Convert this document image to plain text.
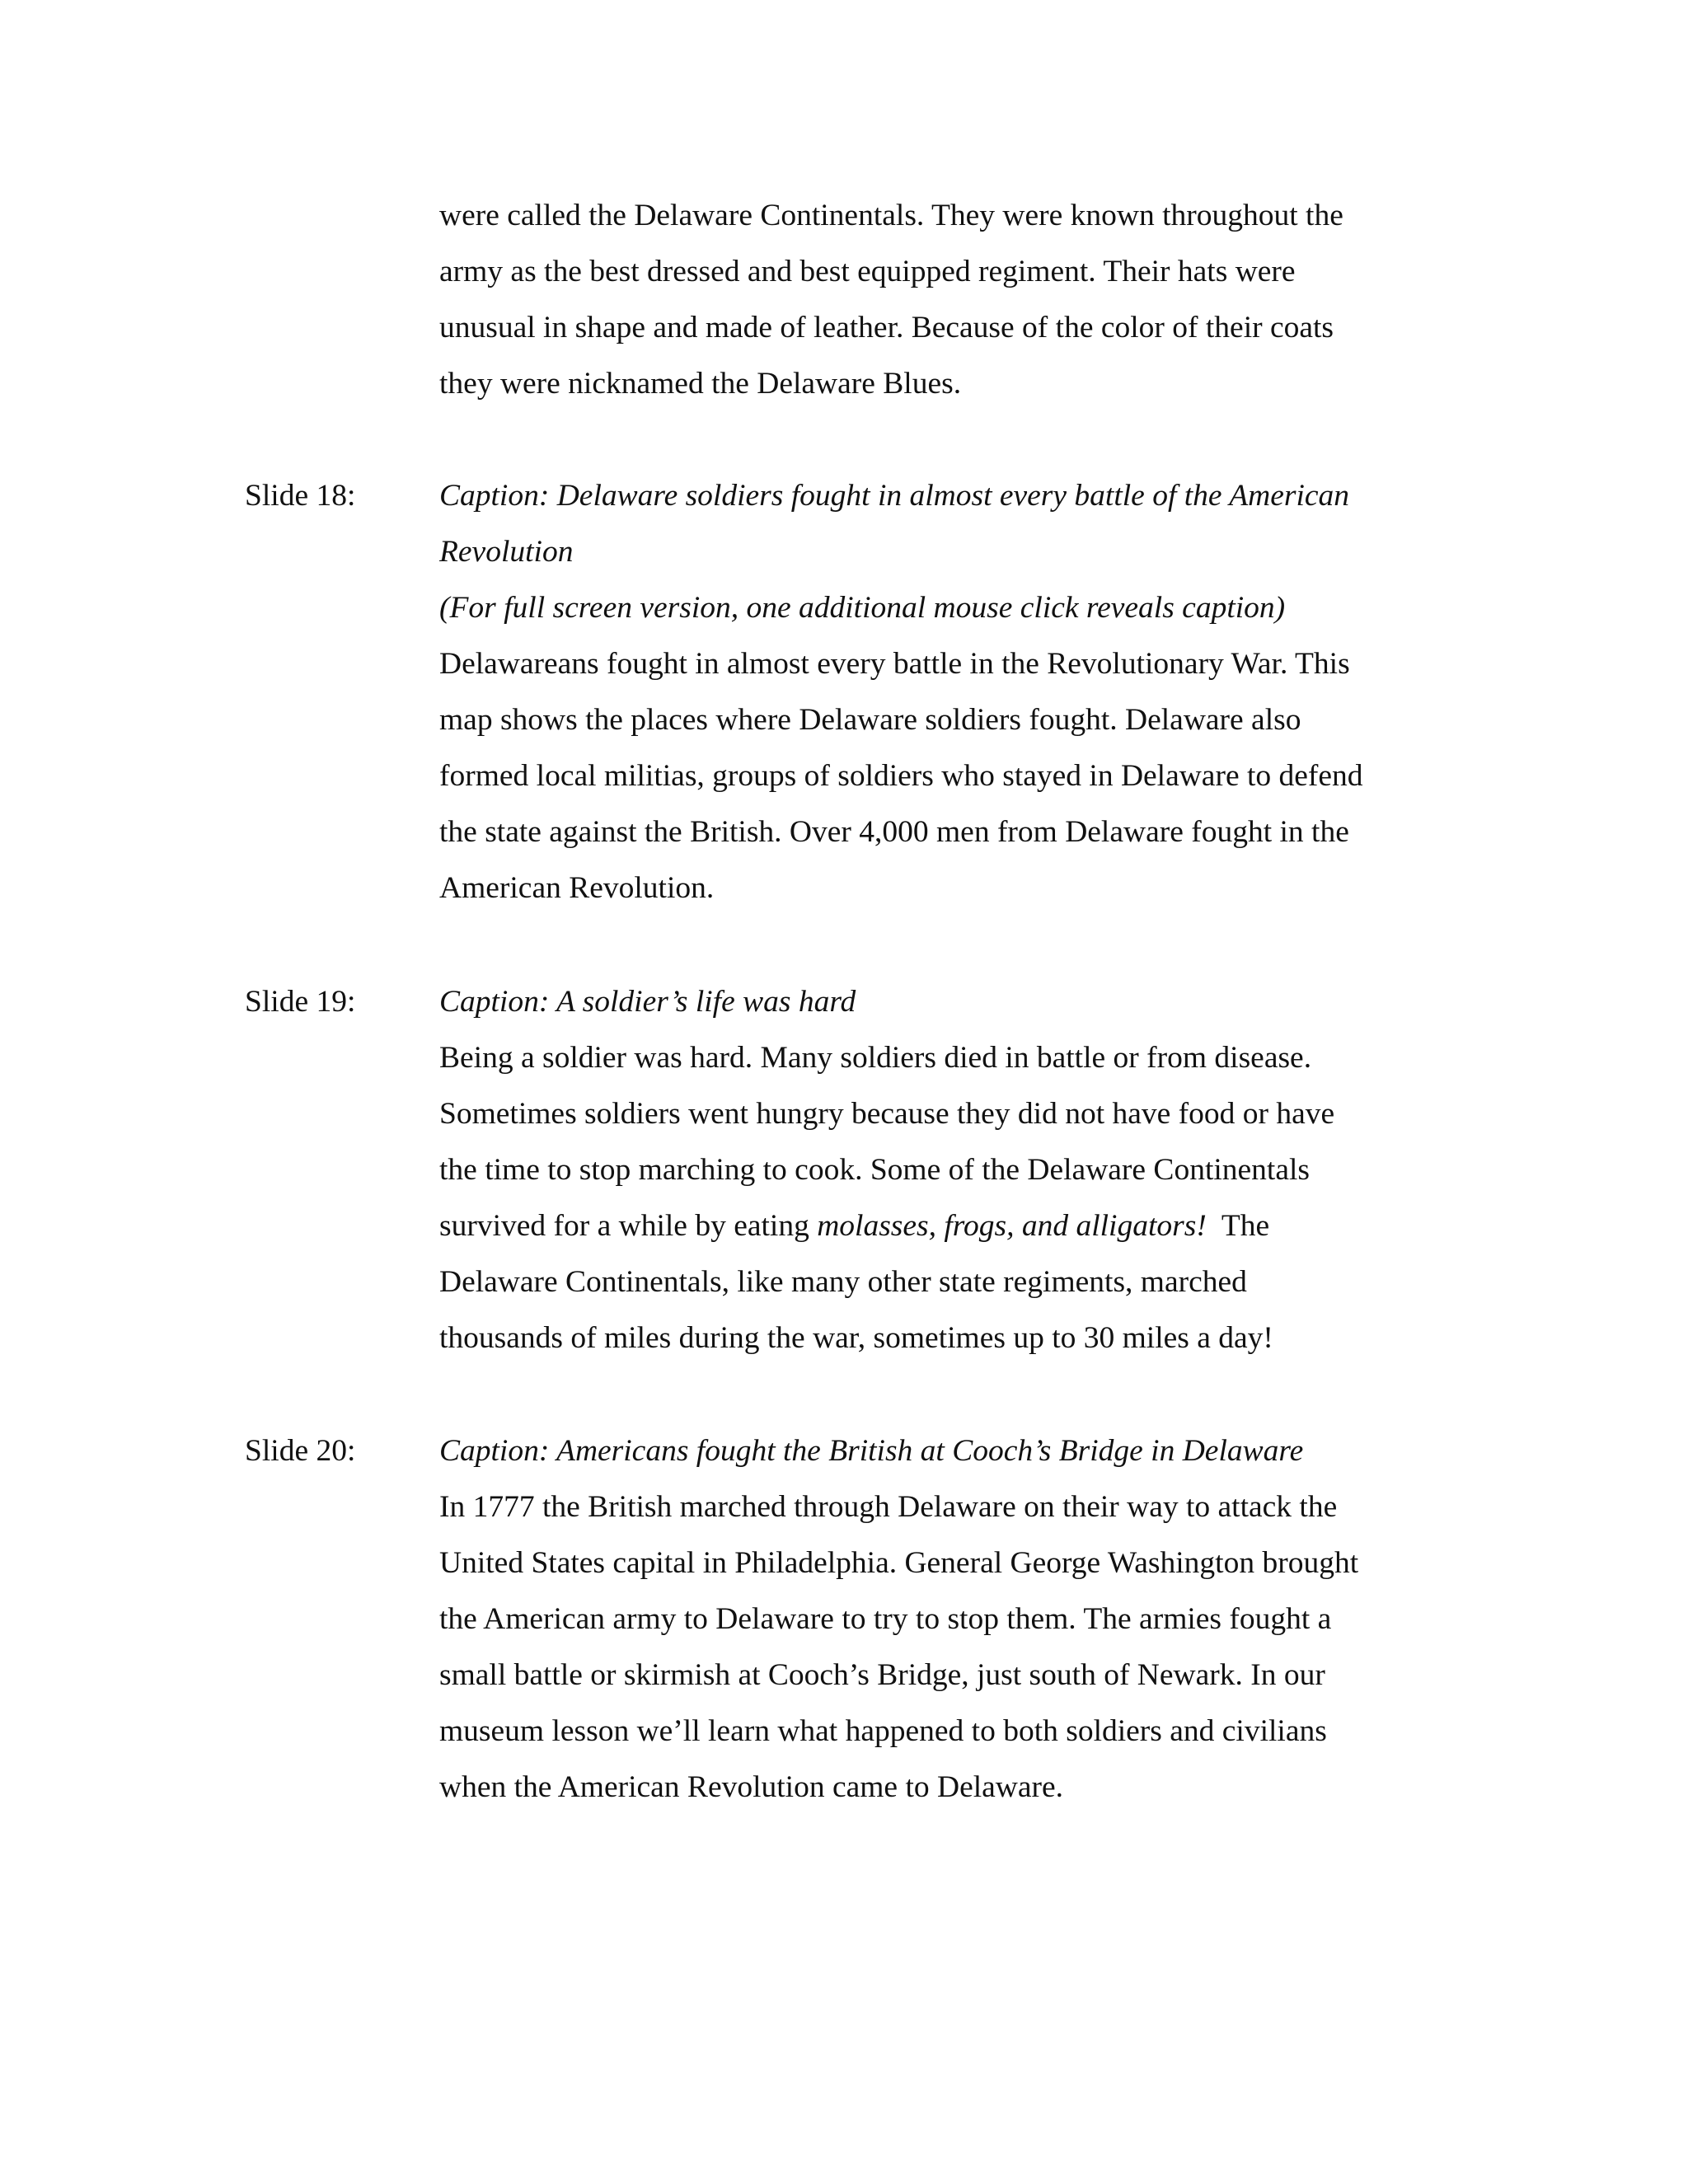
were called the Delaware Continentals. They were known throughout the
army as the best dressed and best equipped regiment. Their hats were
unusual in shape and made of leather. Because of the color of their coats
they were nicknamed the Delaware Blues.
Slide 18:	Caption: Delaware soldiers fought in almost every battle of the American
Revolution
(For full screen version, one additional mouse click reveals caption)
Delawareans fought in almost every battle in the Revolutionary War. This
map shows the places where Delaware soldiers fought. Delaware also
formed local militias, groups of soldiers who stayed in Delaware to defend
the state against the British. Over 4,000 men from Delaware fought in the
American Revolution.
Slide 19:	Caption: A soldier’s life was hard
Being a soldier was hard. Many soldiers died in battle or from disease.
Sometimes soldiers went hungry because they did not have food or have
the time to stop marching to cook. Some of the Delaware Continentals
survived for a while by eating molasses, frogs, and alligators!  The
Delaware Continentals, like many other state regiments, marched
thousands of miles during the war, sometimes up to 30 miles a day!
Slide 20:	Caption: Americans fought the British at Cooch’s Bridge in Delaware
In 1777 the British marched through Delaware on their way to attack the
United States capital in Philadelphia. General George Washington brought
the American army to Delaware to try to stop them. The armies fought a
small battle or skirmish at Cooch’s Bridge, just south of Newark. In our
museum lesson we’ll learn what happened to both soldiers and civilians
when the American Revolution came to Delaware.
